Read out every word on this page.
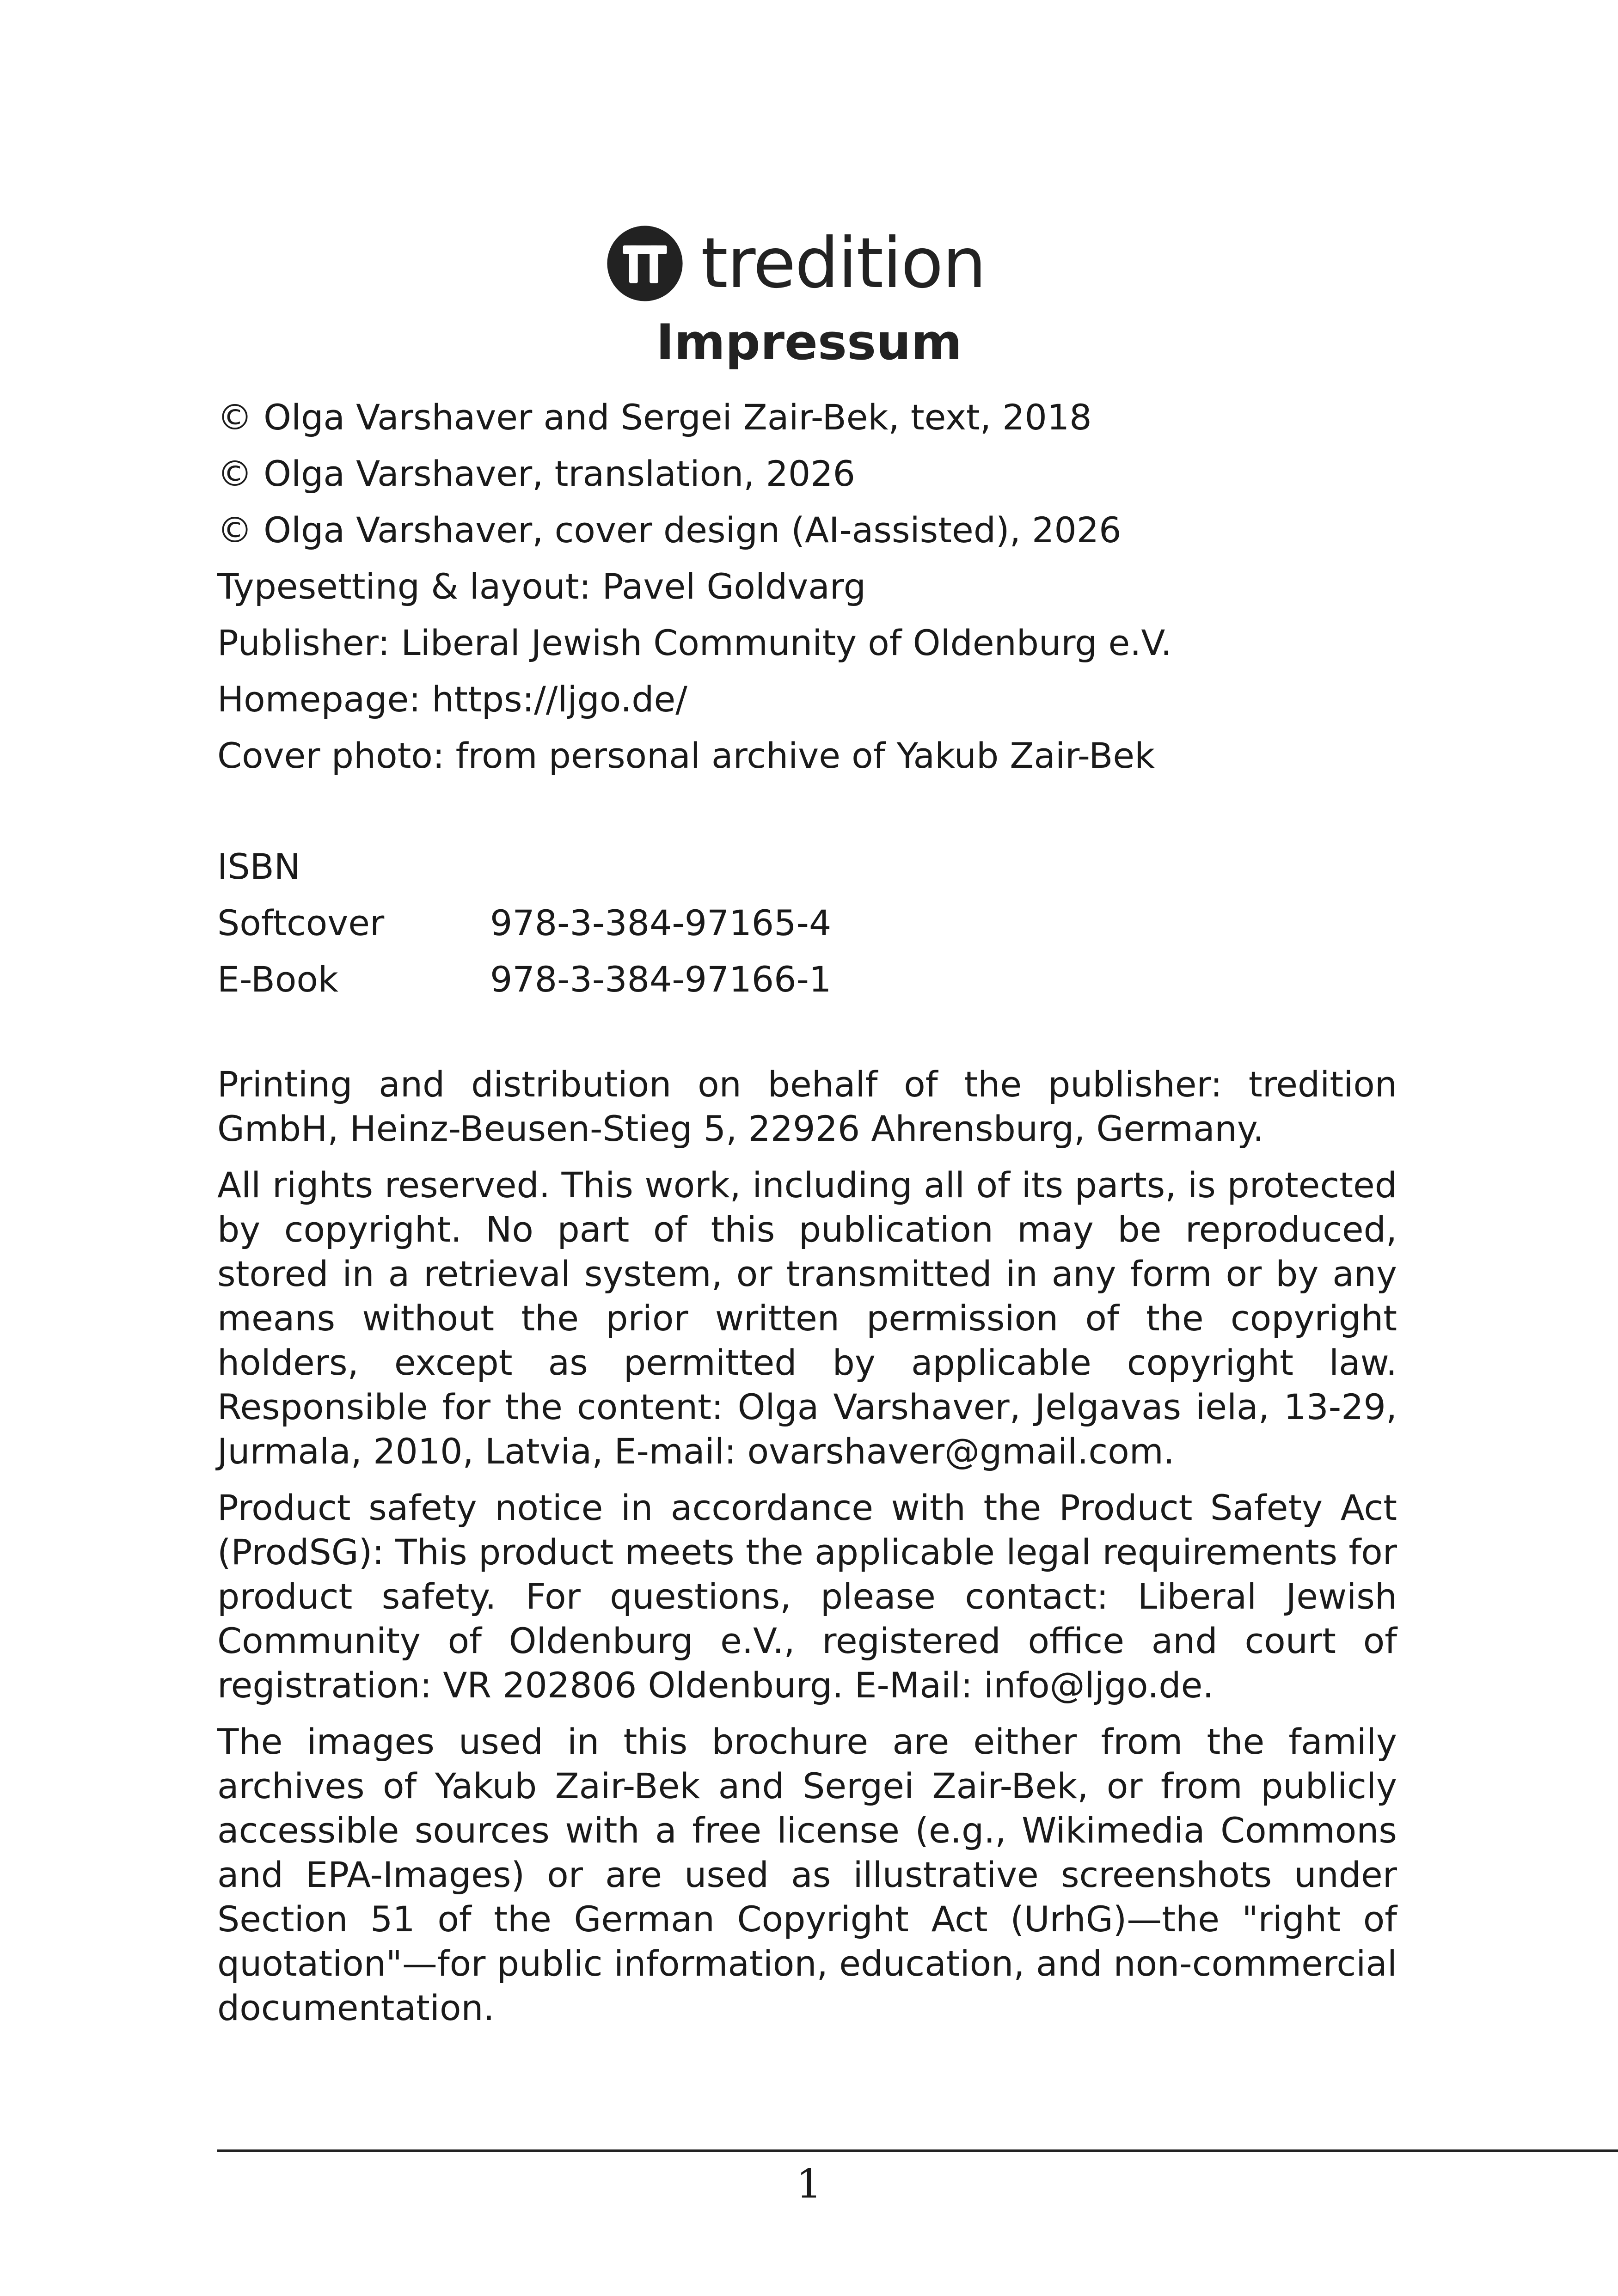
tredition
Impressum
© Olga Varshaver and Sergei Zair-Bek, text, 2018
© Olga Varshaver, translation, 2026
© Olga Varshaver, cover design (AI-assisted), 2026
Typesetting & layout: Pavel Goldvarg
Publisher: Liberal Jewish Community of Oldenburg e.V.
Homepage: https://ljgo.de/
Cover photo: from personal archive of Yakub Zair-Bek
ISBN
Softcover	978-3-384-97165-4
E-Book	978-3-384-97166-1

Printing and distribution on behalf of the publisher: tredition GmbH, Heinz-Beusen-Stieg 5, 22926 Ahrensburg, Germany.

All rights reserved. This work, including all of its parts, is protected by copyright. No part of this publication may be reproduced, stored in a retrieval system, or transmitted in any form or by any means without the prior written permission of the copyright holders, except as permitted by applicable copyright law. Responsible for the content: Olga Varshaver, Jelgavas iela, 13-29, Jurmala, 2010, Latvia, E-mail: ovarshaver@gmail.com.

Product safety notice in accordance with the Product Safety Act (ProdSG): This product meets the applicable legal requirements for product safety. For questions, please contact: Liberal Jewish Community of Oldenburg e.V., registered office and court of registration: VR 202806 Oldenburg. E-Mail: info@ljgo.de.

The images used in this brochure are either from the family archives of Yakub Zair-Bek and Sergei Zair-Bek, or from publicly accessible sources with a free license (e.g., Wikimedia Commons and EPA-Images) or are used as illustrative screenshots under Section 51 of the German Copyright Act (UrhG)—the "right of quotation"—for public information, education, and non-commercial documentation.

1
